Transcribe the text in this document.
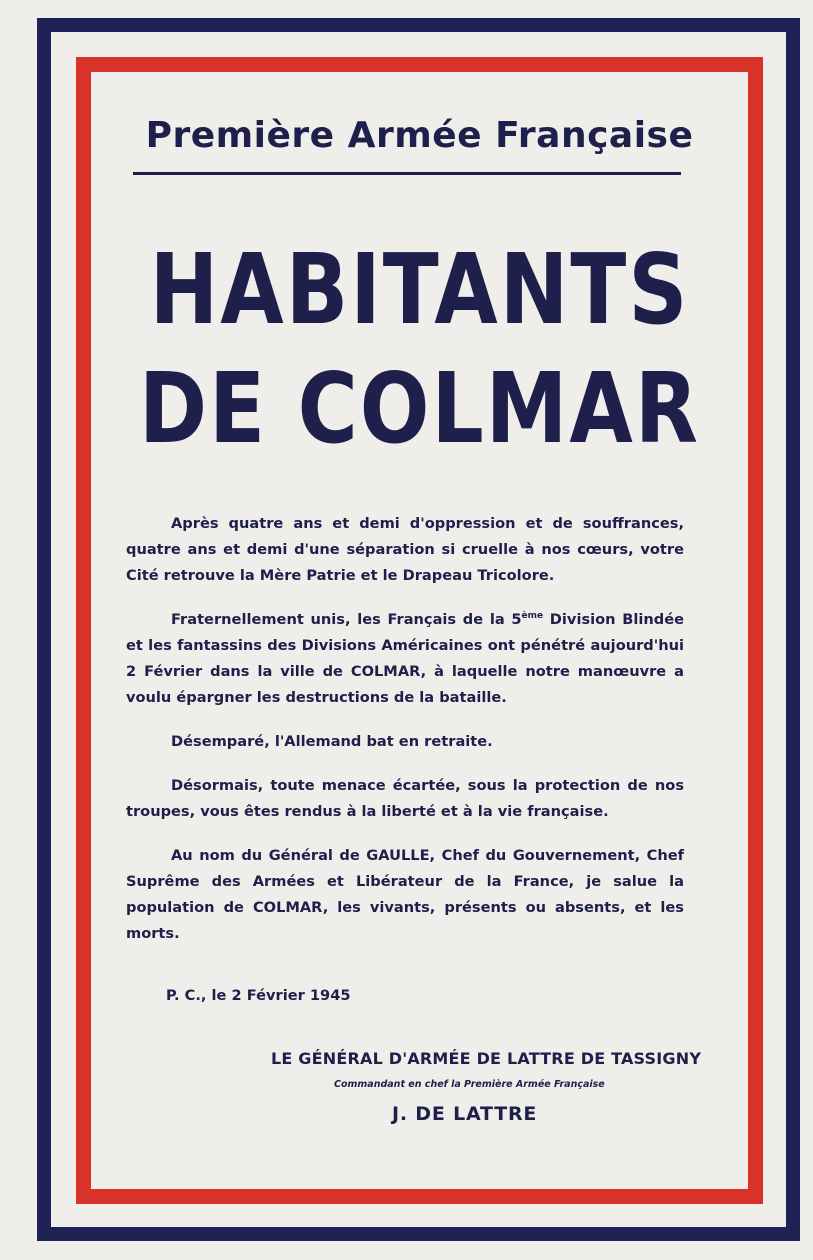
Première Armée Française
HABITANTS
DE COLMAR

Après quatre ans et demi d'oppression et de souffrances, quatre ans et demi d'une séparation si cruelle à nos cœurs, votre Cité retrouve la Mère Patrie et le Drapeau Tricolore.

Fraternellement unis, les Français de la 5ème Division Blindée et les fantassins des Divisions Américaines ont pénétré aujourd'hui 2 Février dans la ville de COLMAR, à laquelle notre manœuvre a voulu épargner les destructions de la bataille.

Désemparé, l'Allemand bat en retraite.

Désormais, toute menace écartée, sous la protection de nos troupes, vous êtes rendus à la liberté et à la vie française.

Au nom du Général de GAULLE, Chef du Gouvernement, Chef Suprême des Armées et Libérateur de la France, je salue la population de COLMAR, les vivants, présents ou absents, et les morts.

P. C., le 2 Février 1945
LE GÉNÉRAL D'ARMÉE DE LATTRE DE TASSIGNY
Commandant en chef la Première Armée Française
J. DE LATTRE
